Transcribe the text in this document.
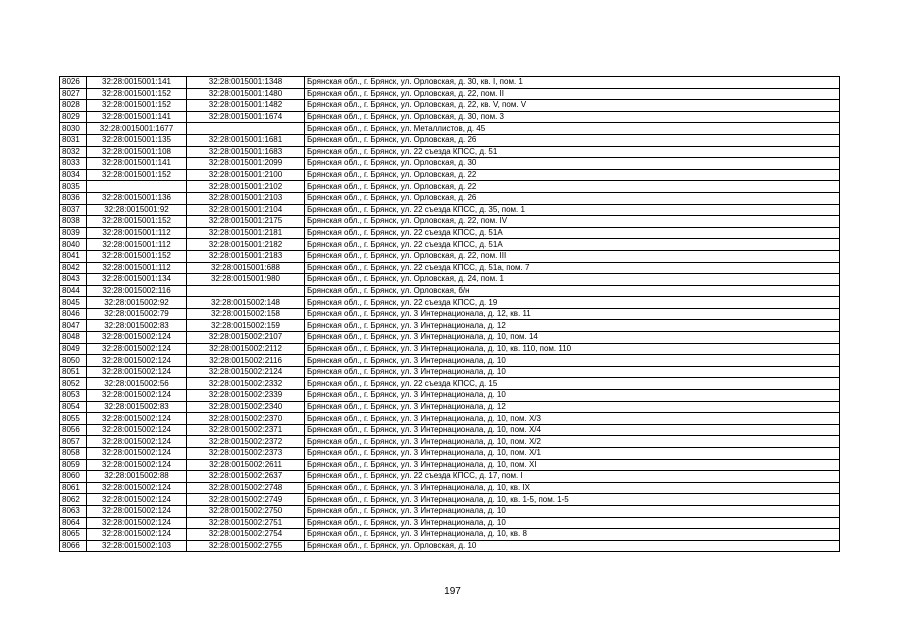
8026	32:28:0015001:141	32:28:0015001:1348	Брянская обл., г. Брянск, ул. Орловская, д. 30, кв. I, пом. 1
8027	32:28:0015001:152	32:28:0015001:1480	Брянская обл., г. Брянск, ул. Орловская, д. 22, пом. II
8028	32:28:0015001:152	32:28:0015001:1482	Брянская обл., г. Брянск, ул. Орловская, д. 22, кв. V, пом. V
8029	32:28:0015001:141	32:28:0015001:1674	Брянская обл., г. Брянск, ул. Орловская, д. 30, пом. 3
8030	32:28:0015001:1677		Брянская обл., г. Брянск, ул. Металлистов, д. 45
8031	32:28:0015001:135	32:28:0015001:1681	Брянская обл., г. Брянск, ул. Орловская, д. 26
8032	32:28:0015001:108	32:28:0015001:1683	Брянская обл., г. Брянск, ул. 22 съезда КПСС, д. 51
8033	32:28:0015001:141	32:28:0015001:2099	Брянская обл., г. Брянск, ул. Орловская, д. 30
8034	32:28:0015001:152	32:28:0015001:2100	Брянская обл., г. Брянск, ул. Орловская, д. 22
8035		32:28:0015001:2102	Брянская обл., г. Брянск, ул. Орловская, д. 22
8036	32:28:0015001:136	32:28:0015001:2103	Брянская обл., г. Брянск, ул. Орловская, д. 26
8037	32:28:0015001:92	32:28:0015001:2104	Брянская обл., г. Брянск, ул. 22 съезда КПСС, д. 35, пом. 1
8038	32:28:0015001:152	32:28:0015001:2175	Брянская обл., г. Брянск, ул. Орловская, д. 22, пом. IV
8039	32:28:0015001:112	32:28:0015001:2181	Брянская обл., г. Брянск, ул. 22 съезда КПСС, д. 51А
8040	32:28:0015001:112	32:28:0015001:2182	Брянская обл., г. Брянск, ул. 22 съезда КПСС, д. 51А
8041	32:28:0015001:152	32:28:0015001:2183	Брянская обл., г. Брянск, ул. Орловская, д. 22, пом. III
8042	32:28:0015001:112	32:28:0015001:688	Брянская обл., г. Брянск, ул. 22 съезда КПСС, д. 51а, пом. 7
8043	32:28:0015001:134	32:28:0015001:980	Брянская обл., г. Брянск, ул. Орловская, д. 24, пом. 1
8044	32:28:0015002:116		Брянская обл., г. Брянск, ул. Орловская, б/н
8045	32:28:0015002:92	32:28:0015002:148	Брянская обл., г. Брянск, ул. 22 съезда КПСС, д. 19
8046	32:28:0015002:79	32:28:0015002:158	Брянская обл., г. Брянск, ул. 3 Интернационала, д. 12, кв. 11
8047	32:28:0015002:83	32:28:0015002:159	Брянская обл., г. Брянск, ул. 3 Интернационала, д. 12
8048	32:28:0015002:124	32:28:0015002:2107	Брянская обл., г. Брянск, ул. 3 Интернационала, д. 10, пом. 14
8049	32:28:0015002:124	32:28:0015002:2112	Брянская обл., г. Брянск, ул. 3 Интернационала, д. 10, кв. 110, пом. 110
8050	32:28:0015002:124	32:28:0015002:2116	Брянская обл., г. Брянск, ул. 3 Интернационала, д. 10
8051	32:28:0015002:124	32:28:0015002:2124	Брянская обл., г. Брянск, ул. 3 Интернационала, д. 10
8052	32:28:0015002:56	32:28:0015002:2332	Брянская обл., г. Брянск, ул. 22 съезда КПСС, д. 15
8053	32:28:0015002:124	32:28:0015002:2339	Брянская обл., г. Брянск, ул. 3 Интернационала, д. 10
8054	32:28:0015002:83	32:28:0015002:2340	Брянская обл., г. Брянск, ул. 3 Интернационала, д. 12
8055	32:28:0015002:124	32:28:0015002:2370	Брянская обл., г. Брянск, ул. 3 Интернационала, д. 10, пом. Х/3
8056	32:28:0015002:124	32:28:0015002:2371	Брянская обл., г. Брянск, ул. 3 Интернационала, д. 10, пом. Х/4
8057	32:28:0015002:124	32:28:0015002:2372	Брянская обл., г. Брянск, ул. 3 Интернационала, д. 10, пом. Х/2
8058	32:28:0015002:124	32:28:0015002:2373	Брянская обл., г. Брянск, ул. 3 Интернационала, д. 10, пом. Х/1
8059	32:28:0015002:124	32:28:0015002:2611	Брянская обл., г. Брянск, ул. 3 Интернационала, д. 10, пом. XI
8060	32:28:0015002:88	32:28:0015002:2637	Брянская обл., г. Брянск, ул. 22 съезда КПСС, д. 17, пом. I
8061	32:28:0015002:124	32:28:0015002:2748	Брянская обл., г. Брянск, ул. 3 Интернационала, д. 10, кв. IX
8062	32:28:0015002:124	32:28:0015002:2749	Брянская обл., г. Брянск, ул. 3 Интернационала, д. 10, кв. 1-5, пом. 1-5
8063	32:28:0015002:124	32:28:0015002:2750	Брянская обл., г. Брянск, ул. 3 Интернационала, д. 10
8064	32:28:0015002:124	32:28:0015002:2751	Брянская обл., г. Брянск, ул. 3 Интернационала, д. 10
8065	32:28:0015002:124	32:28:0015002:2754	Брянская обл., г. Брянск, ул. 3 Интернационала, д. 10, кв. 8
8066	32:28:0015002:103	32:28:0015002:2755	Брянская обл., г. Брянск, ул. Орловская, д. 10
197
